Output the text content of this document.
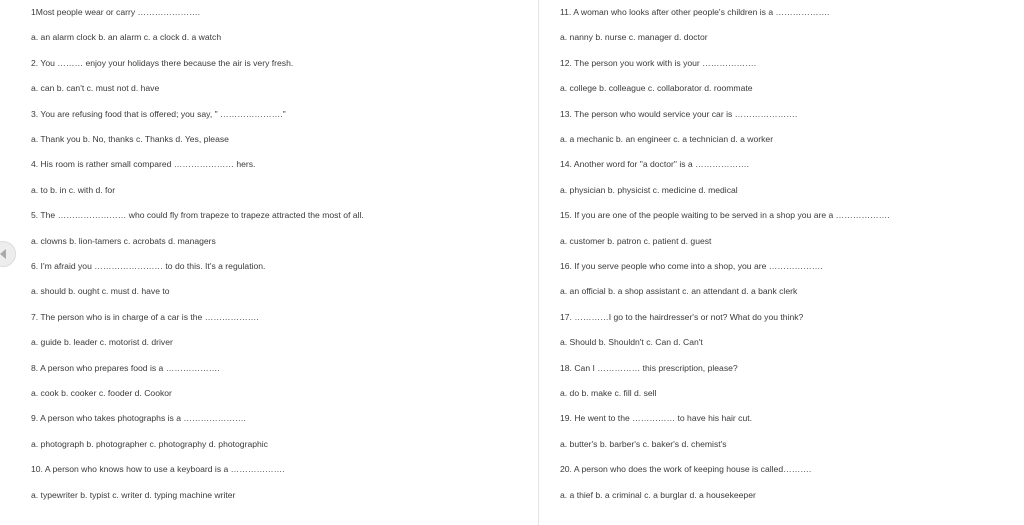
1Most people wear or carry ………………….
a. an alarm clock b. an alarm c. a clock d. a watch
2. You ……… enjoy your holidays there because the air is very fresh.
a. can b. can't c. must not d. have
3. You are refusing food that is offered; you say, " …………………."
a. Thank you b. No, thanks c. Thanks d. Yes, please
4. His room is rather small compared ………………… hers.
a. to b. in c. with d. for
5. The …………………… who could fly from trapeze to trapeze attracted the most of all.
a. clowns b. lion-tamers c. acrobats d. managers
6. I'm afraid you …………………… to do this. It's a regulation.
a. should b. ought c. must d. have to
7. The person who is in charge of a car is the ……………….
a. guide b. leader c. motorist d. driver
8. A person who prepares food is a ……………….
a. cook b. cooker c. fooder d. Cookor
9. A person who takes photographs is a ………………….
a. photograph b. photographer c. photography d. photographic
10. A person who knows how to use a keyboard is a ……………….
a. typewriter b. typist c. writer d. typing machine writer
11. A woman who looks after other people's children is a ……………….
a. nanny b. nurse c. manager d. doctor
12. The person you work with is your ……………….
a. college b. colleague c. collaborator d. roommate
13. The person who would service your car is ………………….
a. a mechanic b. an engineer c. a technician d. a worker
14. Another word for "a doctor" is a ……………….
a. physician b. physicist c. medicine d. medical
15. If you are one of the people waiting to be served in a shop you are a ……………….
a. customer b. patron c. patient d. guest
16. If you serve people who come into a shop, you are ……………….
a. an official b. a shop assistant c. an attendant d. a bank clerk
17. …………I go to the hairdresser's or not? What do you think?
a. Should b. Shouldn't c. Can d. Can't
18. Can I …………… this prescription, please?
a. do b. make c. fill d. sell
19. He went to the …………… to have his hair cut.
a. butter's b. barber's c. baker's d. chemist's
20. A person who does the work of keeping house is called……….
a. a thief b. a criminal c. a burglar d. a housekeeper
